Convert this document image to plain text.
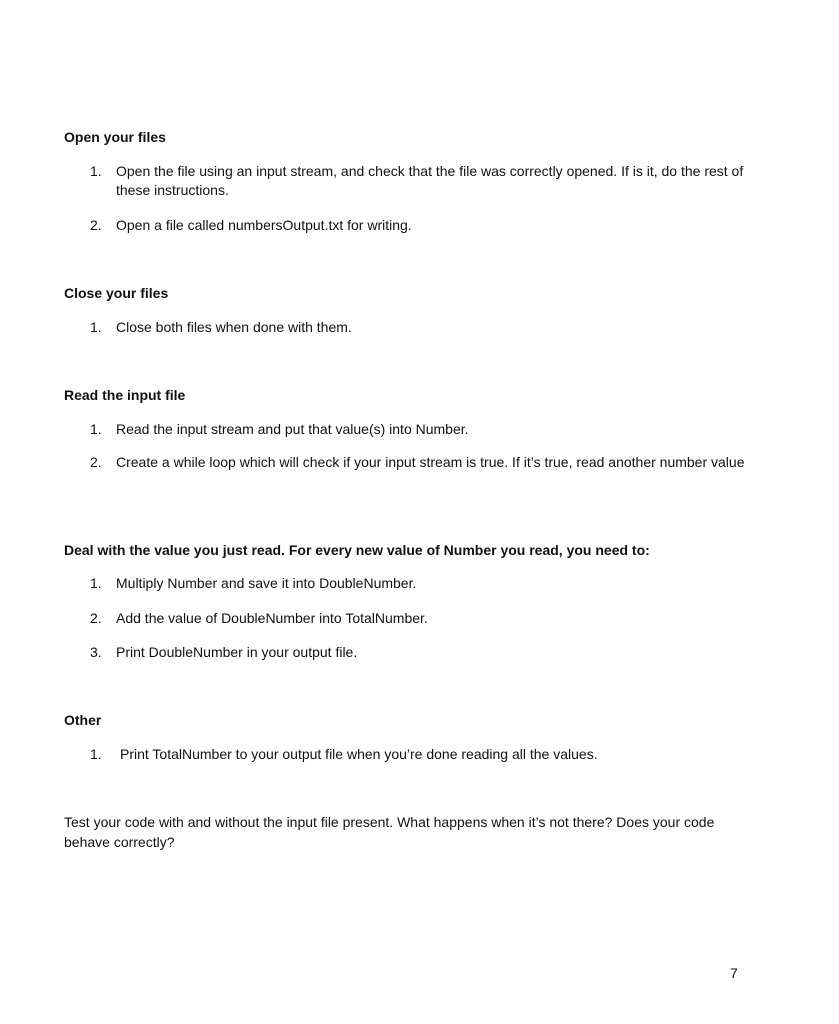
Open your files
1.	Open the file using an input stream, and check that the file was correctly opened. If is it, do the rest of these instructions.
2.	Open a file called numbersOutput.txt for writing.
Close your files
1.	Close both files when done with them.
Read the input file
1.	Read the input stream and put that value(s) into Number.
2.	Create a while loop which will check if your input stream is true. If it’s true, read another number value
Deal with the value you just read. For every new value of Number you read, you need to:
1.	Multiply Number and save it into DoubleNumber.
2.	Add the value of DoubleNumber into TotalNumber.
3.	Print DoubleNumber in your output file.
Other
1.	Print TotalNumber to your output file when you’re done reading all the values.
Test your code with and without the input file present. What happens when it’s not there? Does your code behave correctly?
7
